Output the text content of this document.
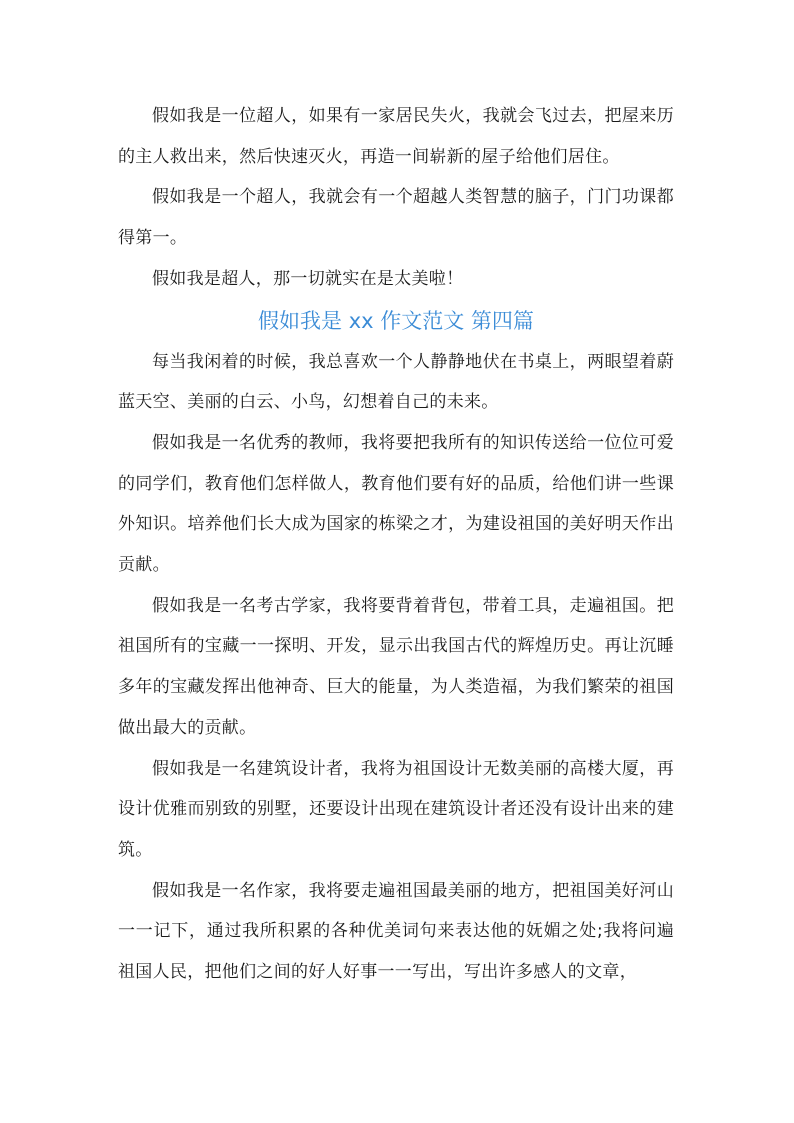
假如我是一位超人，如果有一家居民失火，我就会飞过去，把屋来历的主人救出来，然后快速灭火，再造一间崭新的屋子给他们居住。

假如我是一个超人，我就会有一个超越人类智慧的脑子，门门功课都得第一。

假如我是超人，那一切就实在是太美啦！

假如我是 xx 作文范文 第四篇

每当我闲着的时候，我总喜欢一个人静静地伏在书桌上，两眼望着蔚蓝天空、美丽的白云、小鸟，幻想着自己的未来。

假如我是一名优秀的教师，我将要把我所有的知识传送给一位位可爱的同学们，教育他们怎样做人，教育他们要有好的品质，给他们讲一些课外知识。培养他们长大成为国家的栋梁之才，为建设祖国的美好明天作出贡献。

假如我是一名考古学家，我将要背着背包，带着工具，走遍祖国。把祖国所有的宝藏一一探明、开发，显示出我国古代的辉煌历史。再让沉睡多年的宝藏发挥出他神奇、巨大的能量，为人类造福，为我们繁荣的祖国做出最大的贡献。

假如我是一名建筑设计者，我将为祖国设计无数美丽的高楼大厦，再设计优雅而别致的别墅，还要设计出现在建筑设计者还没有设计出来的建筑。

假如我是一名作家，我将要走遍祖国最美丽的地方，把祖国美好河山一一记下，通过我所积累的各种优美词句来表达他的妩媚之处;我将问遍祖国人民，把他们之间的好人好事一一写出，写出许多感人的文章，
